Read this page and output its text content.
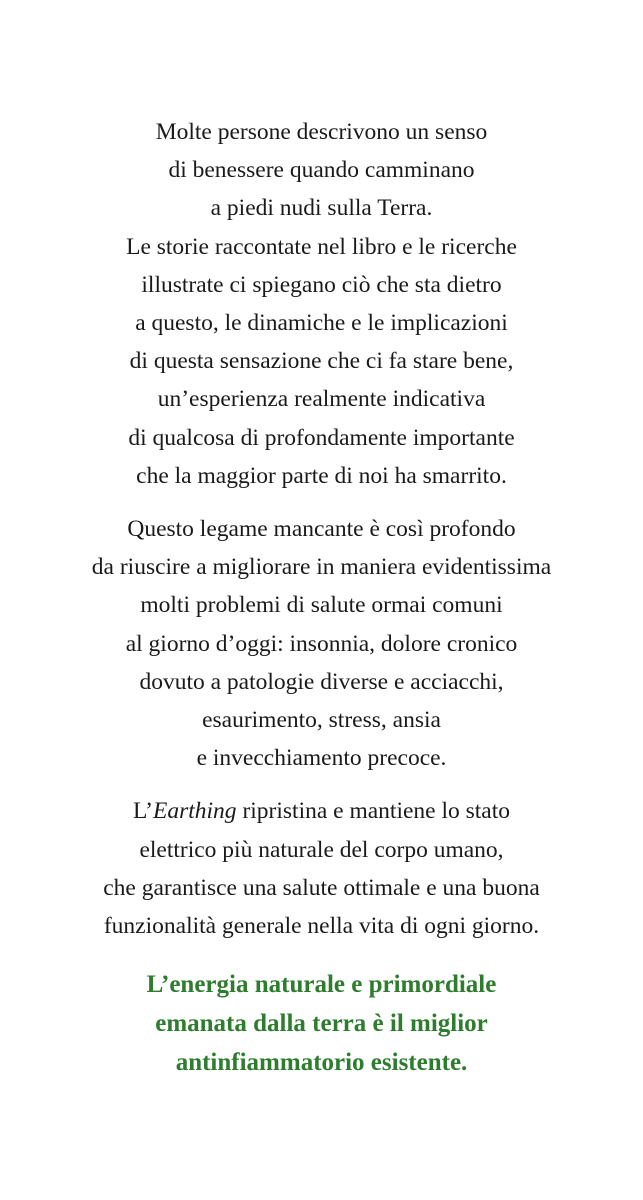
Molte persone descrivono un senso
di benessere quando camminano
a piedi nudi sulla Terra.
Le storie raccontate nel libro e le ricerche
illustrate ci spiegano ciò che sta dietro
a questo, le dinamiche e le implicazioni
di questa sensazione che ci fa stare bene,
un’esperienza realmente indicativa
di qualcosa di profondamente importante
che la maggior parte di noi ha smarrito.

Questo legame mancante è così profondo
da riuscire a migliorare in maniera evidentissima
molti problemi di salute ormai comuni
al giorno d’oggi: insonnia, dolore cronico
dovuto a patologie diverse e acciacchi,
esaurimento, stress, ansia
e invecchiamento precoce.

L’Earthing ripristina e mantiene lo stato
elettrico più naturale del corpo umano,
che garantisce una salute ottimale e una buona
funzionalità generale nella vita di ogni giorno.

L’energia naturale e primordiale
emanata dalla terra è il miglior
antinfiammatorio esistente.
